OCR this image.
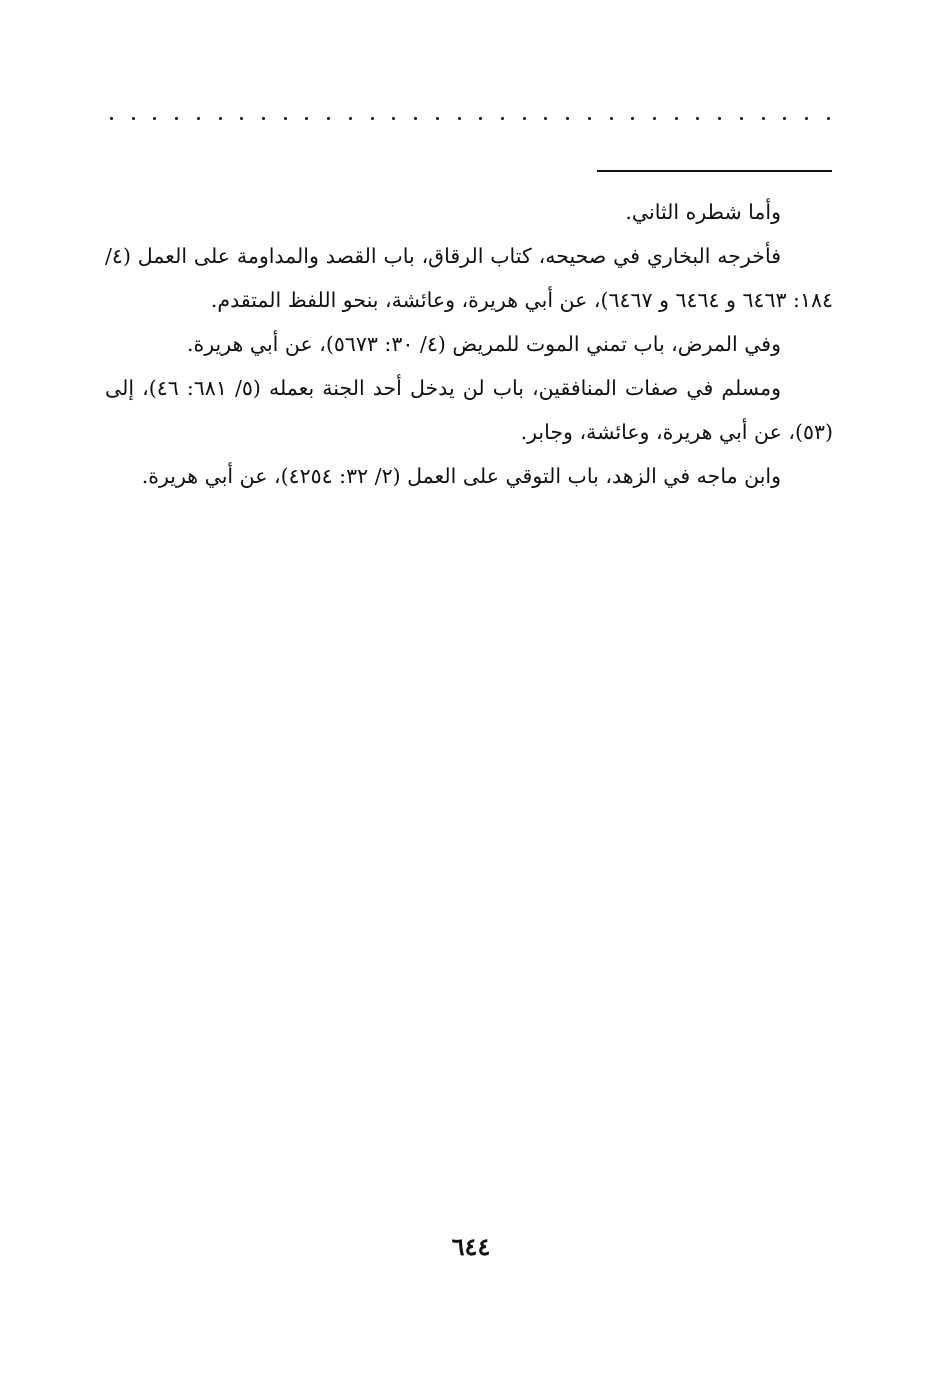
وأما شطره الثاني.

فأخرجه البخاري في صحيحه، كتاب الرقاق، باب القصد والمداومة على العمل (٤/ ١٨٤: ٦٤٦٣ و ٦٤٦٤ و ٦٤٦٧)، عن أبي هريرة، وعائشة، بنحو اللفظ المتقدم.

وفي المرض، باب تمني الموت للمريض (٤/ ٣٠: ٥٦٧٣)، عن أبي هريرة.

ومسلم في صفات المنافقين، باب لن يدخل أحد الجنة بعمله (٥/ ٦٨١: ٤٦)، إلى (٥٣)، عن أبي هريرة، وعائشة، وجابر.

وابن ماجه في الزهد، باب التوقي على العمل (٢/ ٣٢: ٤٢٥٤)، عن أبي هريرة.

٦٤٤
